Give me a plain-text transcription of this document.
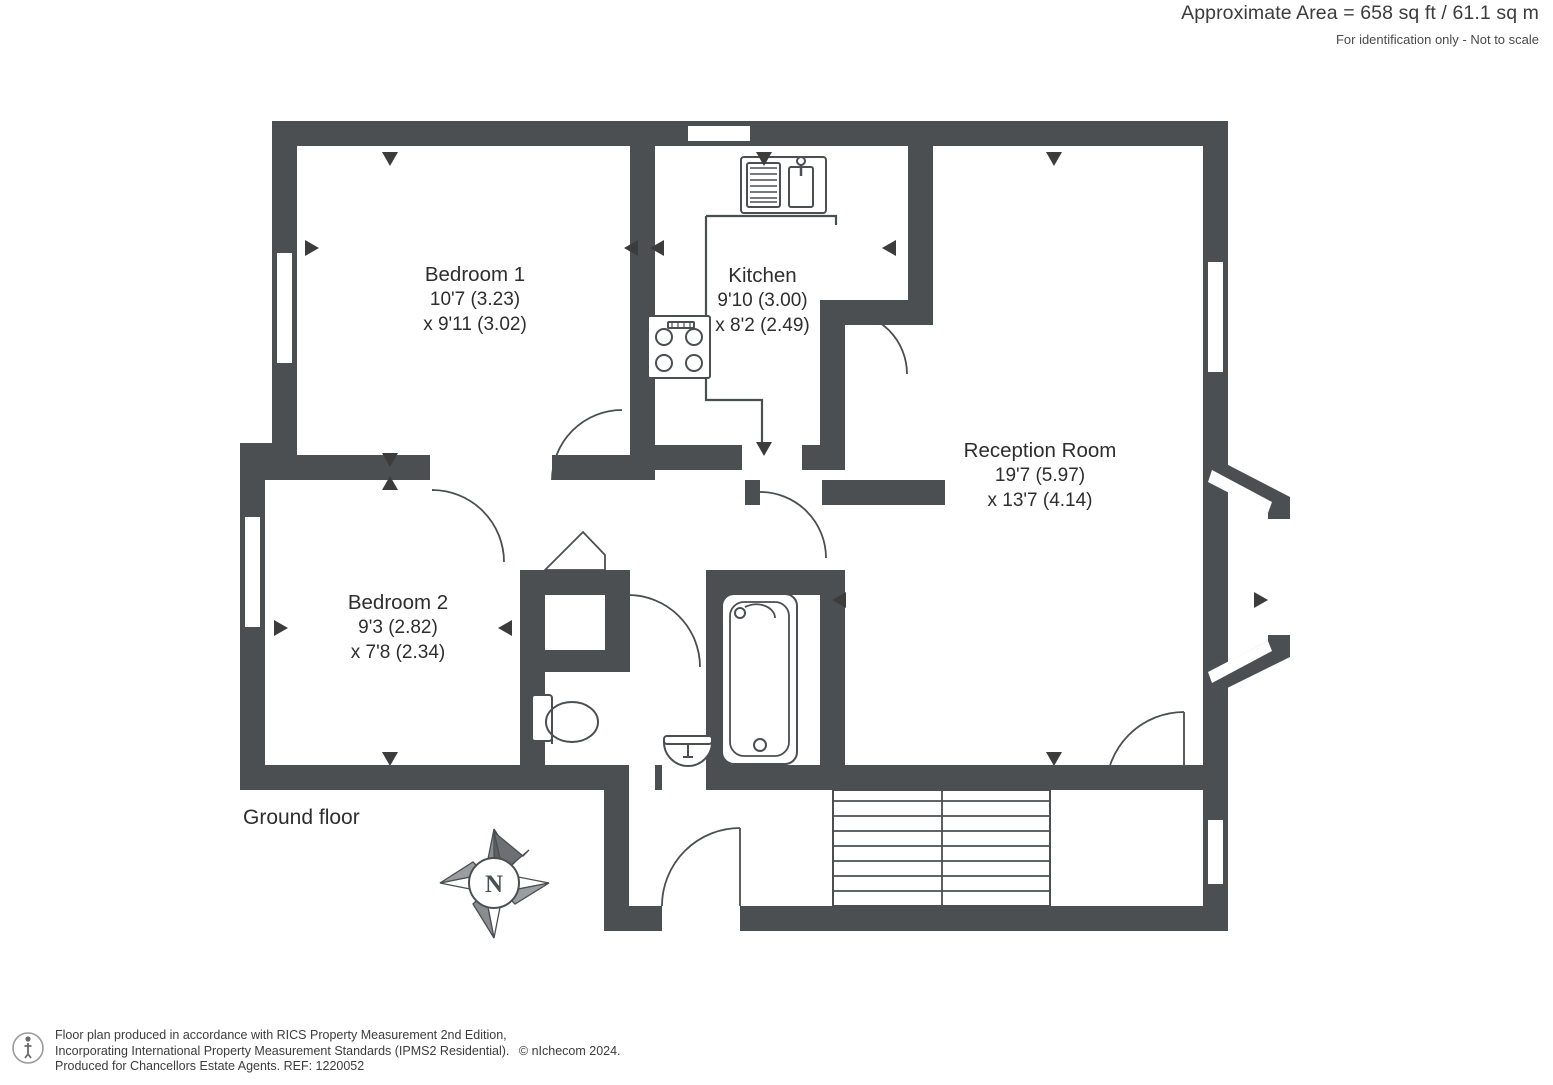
Approximate Area = 658 sq ft / 61.1 sq m
For identification only - Not to scale
Bedroom 1
10'7 (3.23)
x 9'11 (3.02)
Kitchen
9'10 (3.00)
x 8'2 (2.49)
Reception Room
19'7 (5.97)
x 13'7 (4.14)
Bedroom 2
9'3 (2.82)
x 7'8 (2.34)
Ground floor
N
Floor plan produced in accordance with RICS Property Measurement 2nd Edition,
Incorporating International Property Measurement Standards (IPMS2 Residential). © nIchecom 2024.
Produced for Chancellors Estate Agents. REF: 1220052
